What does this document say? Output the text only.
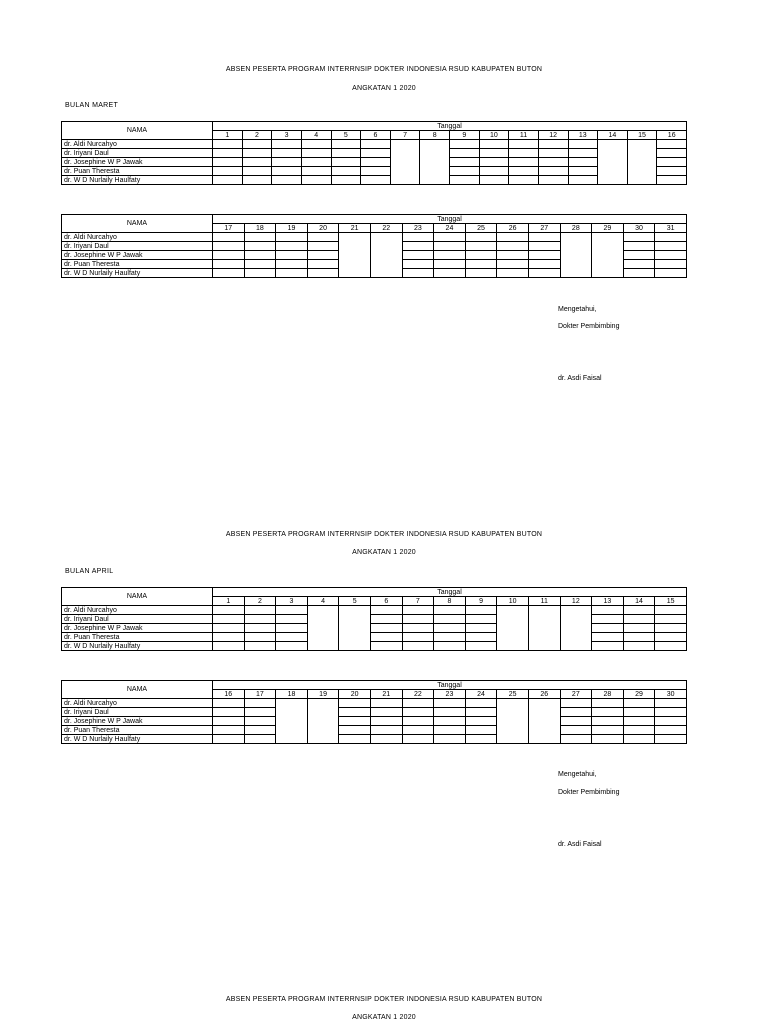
ABSEN PESERTA PROGRAM INTERRNSIP DOKTER INDONESIA RSUD KABUPATEN BUTON
ANGKATAN 1 2020
BULAN MARET
NAMA	Tanggal															
	1	2	3	4	5	6	7	8	9	10	11	12	13	14	15	16
dr. Aldi Nurcahyo																
dr. Iriyani Daul																
dr. Josephine W P Jawak																
dr. Puan Theresta																
dr. W D Nurlaily Haulfaty																
NAMA	Tanggal														
	17	18	19	20	21	22	23	24	25	26	27	28	29	30	31
dr. Aldi Nurcahyo															
dr. Iriyani Daul															
dr. Josephine W P Jawak															
dr. Puan Theresta															
dr. W D Nurlaily Haulfaty															
Mengetahui,
Dokter Pembimbing
dr. Asdi Faisal
ABSEN PESERTA PROGRAM INTERRNSIP DOKTER INDONESIA RSUD KABUPATEN BUTON
ANGKATAN 1 2020
BULAN APRIL
NAMA	Tanggal														
	1	2	3	4	5	6	7	8	9	10	11	12	13	14	15
dr. Aldi Nurcahyo															
dr. Iriyani Daul															
dr. Josephine W P Jawak															
dr. Puan Theresta															
dr. W D Nurlaily Haulfaty															
NAMA	Tanggal														
	16	17	18	19	20	21	22	23	24	25	26	27	28	29	30
dr. Aldi Nurcahyo															
dr. Iriyani Daul															
dr. Josephine W P Jawak															
dr. Puan Theresta															
dr. W D Nurlaily Haulfaty															
Mengetahui,
Dokter Pembimbing
dr. Asdi Faisal
ABSEN PESERTA PROGRAM INTERRNSIP DOKTER INDONESIA RSUD KABUPATEN BUTON
ANGKATAN 1 2020
